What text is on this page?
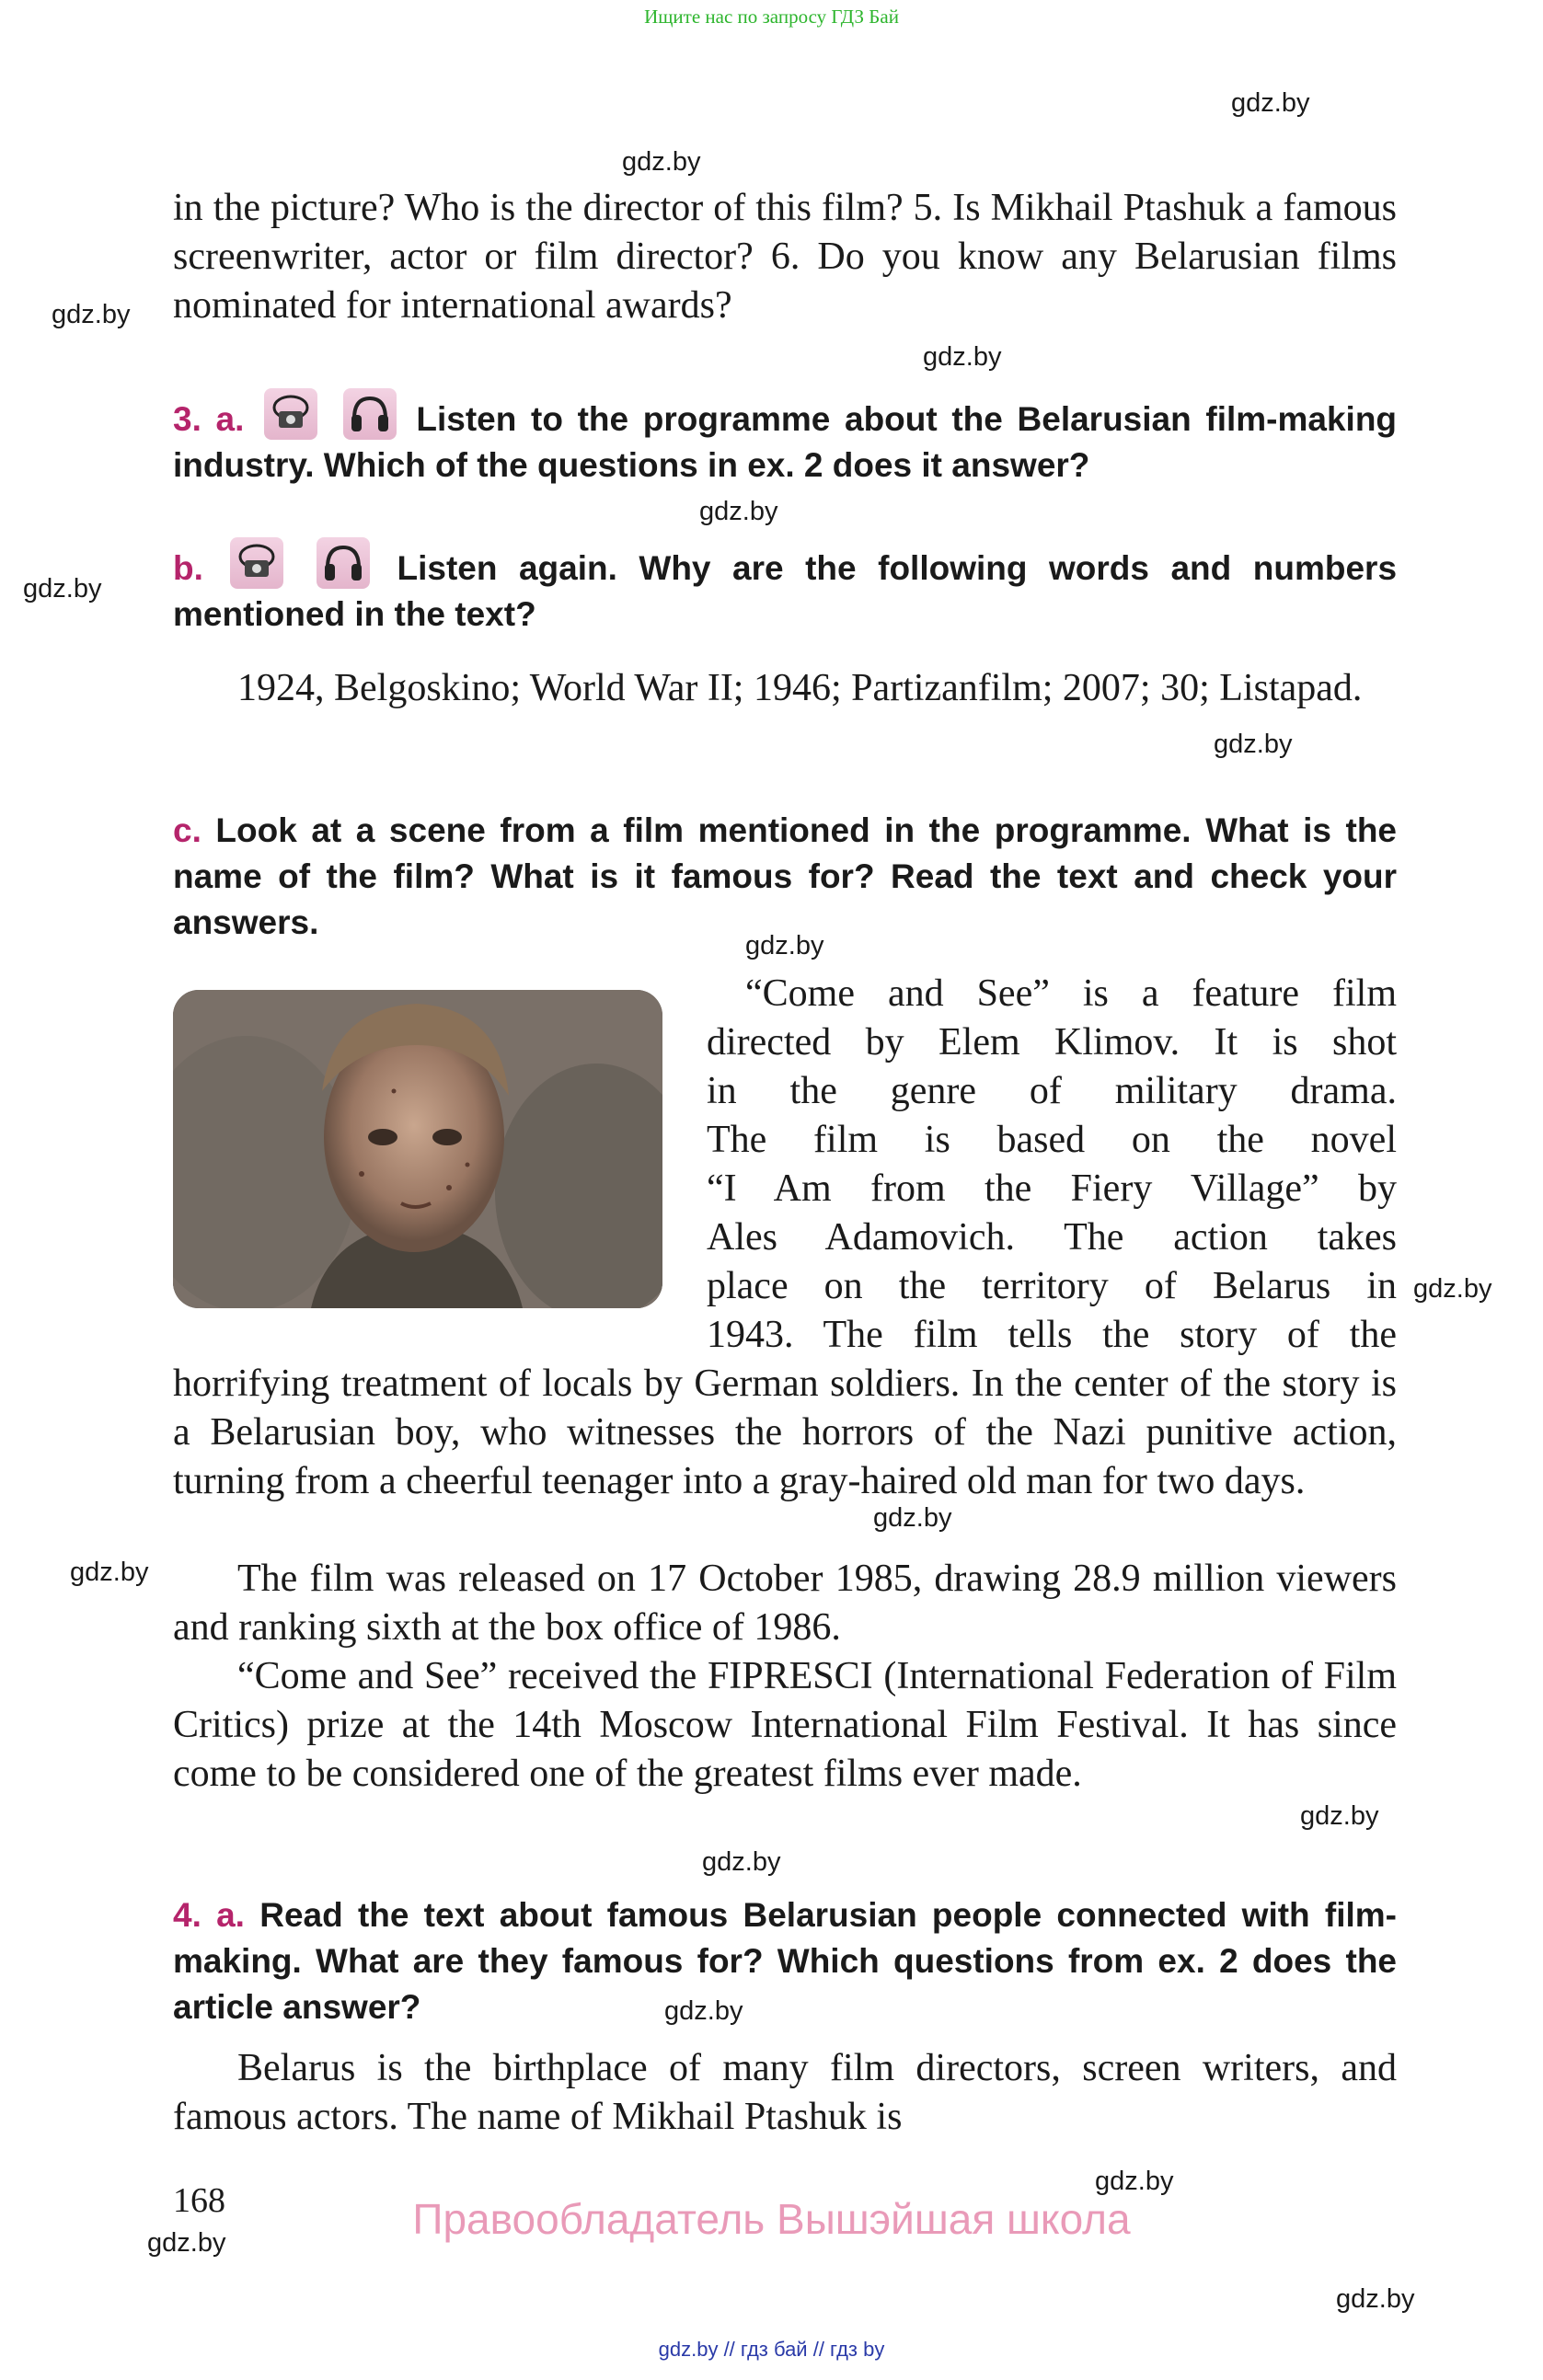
Ищите нас по запросу ГДЗ Бай
gdz.by
gdz.by
gdz.by
gdz.by
gdz.by
gdz.by
gdz.by
gdz.by
gdz.by
gdz.by
gdz.by
gdz.by
gdz.by
gdz.by
gdz.by
gdz.by
gdz.by
in the picture? Who is the director of this film? 5. Is Mikhail Ptashuk a famous screenwriter, actor or film director? 6. Do you know any Belarusian films nominated for international awards?
3. a.
	Listen to the programme about the Belarusian film-making industry. Which of the questions in ex. 2 does it answer?
b.
	Listen again. Why are the following words and numbers mentioned in the text?
1924, Belgoskino; World War II; 1946; Partizanfilm; 2007; 30; Listapad.
c. Look at a scene from a film mentioned in the programme. What is the name of the film? What is it famous for? Read the text and check your answers.
“Come and See” is a feature film
directed by Elem Klimov. It is shot
in the genre of military drama.
The film is based on the novel
“I Am from the Fiery Village” by
Ales Adamovich. The action takes
place on the territory of Belarus in
1943. The film tells the story of the
horrifying treatment of locals by German soldiers. In the center of the story is a Belarusian boy, who witnesses the horrors of the Nazi punitive action, turning from a cheerful teenager into a gray-haired old man for two days.
The film was released on 17 October 1985, drawing 28.9 million viewers and ranking sixth at the box office of 1986.
“Come and See” received the FIPRESCI (International Federation of Film Critics) prize at the 14th Moscow International Film Festival. It has since come to be considered one of the greatest films ever made.
4. a. Read the text about famous Belarusian people connected with film-making. What are they famous for? Which questions from ex. 2 does the article answer?
Belarus is the birthplace of many film directors, screen writers, and famous actors. The name of Mikhail Ptashuk is
168	Правообладатель Вышэйшая школа
gdz.by // гдз бай // гдз by
